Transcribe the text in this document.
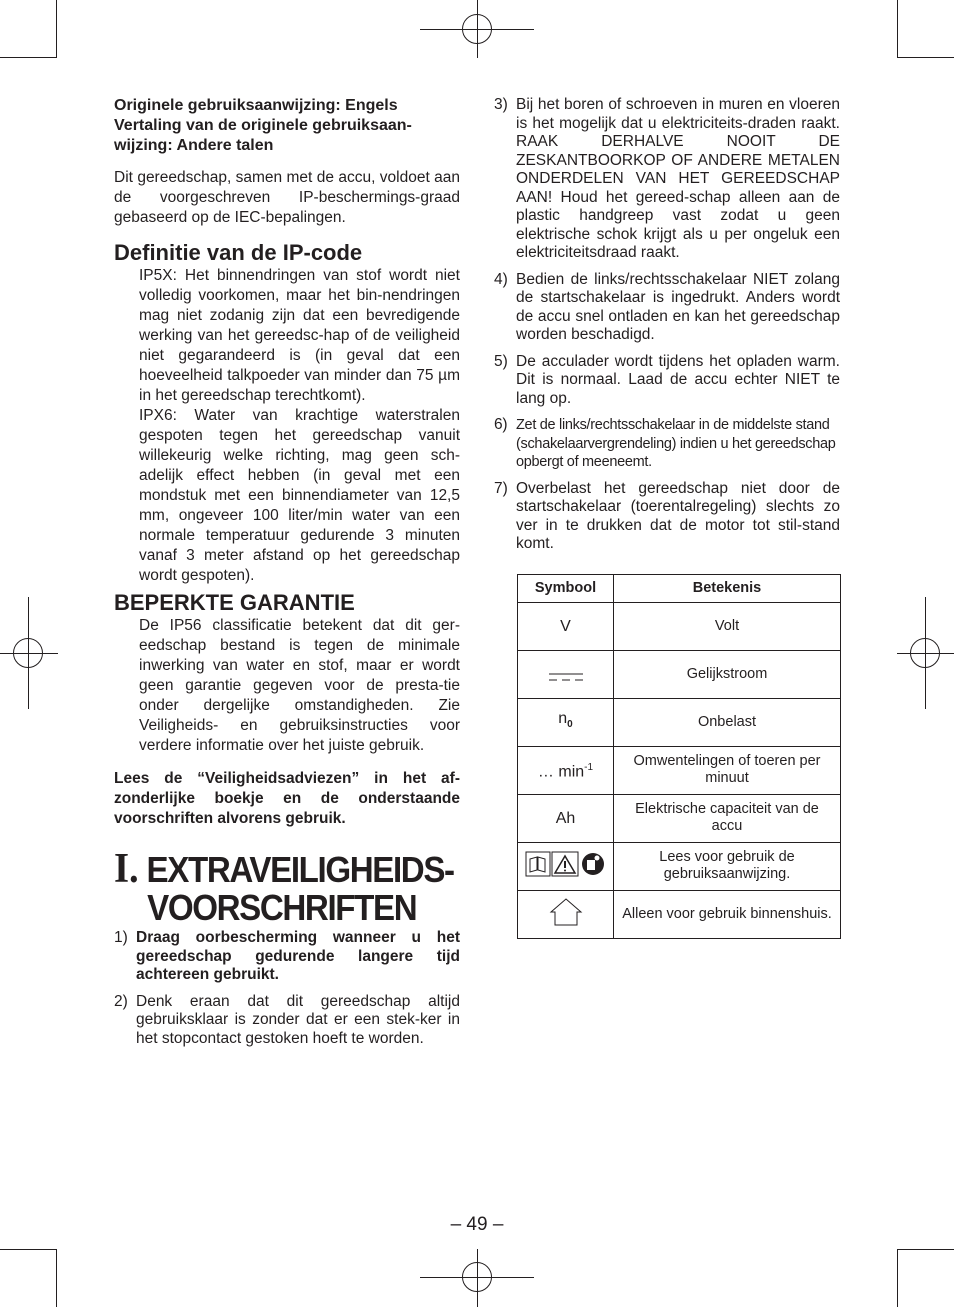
Originele gebruiksaanwijzing: Engels
Vertaling van de originele gebruiksaan-
wijzing: Andere talen

Dit gereedschap, samen met de accu, voldoet aan de voorgeschreven IP-beschermings-graad gebaseerd op de IEC-bepalingen.

Definitie van de IP-code

IP5X: Het binnendringen van stof wordt niet volledig voorkomen, maar het bin-nendringen mag niet zodanig zijn dat een bevredigende werking van het gereedsc-hap of de veiligheid niet gegarandeerd is (in geval dat een hoeveelheid talkpoeder van minder dan 75 µm in het gereedschap terechtkomt).

IPX6: Water van krachtige waterstralen gespoten tegen het gereedschap vanuit willekeurig welke richting, mag geen sch-adelijk effect hebben (in geval met een mondstuk met een binnendiameter van 12,5 mm, ongeveer 100 liter/min water van een normale temperatuur gedurende 3 minuten vanaf 3 meter afstand op het gereedschap wordt gespoten).

BEPERKTE GARANTIE

De IP56 classificatie betekent dat dit ger-eedschap bestand is tegen de minimale inwerking van water en stof, maar er wordt geen garantie gegeven voor de presta-tie onder dergelijke omstandigheden. Zie Veiligheids- en gebruiksinstructies voor verdere informatie over het juiste gebruik.

Lees de “Veiligheidsadviezen” in het af-zonderlijke boekje en de onderstaande voorschriften alvorens gebruik.

I. EXTRAVEILIGHEIDS-
VOORSCHRIFTEN
1) Draag oorbescherming wanneer u het gereedschap gedurende langere tijd achtereen gebruikt.
2) Denk eraan dat dit gereedschap altijd gebruiksklaar is zonder dat er een stek-ker in het stopcontact gestoken hoeft te worden.
3) Bij het boren of schroeven in muren en vloeren is het mogelijk dat u elektriciteits-draden raakt. RAAK DERHALVE NOOIT DE ZESKANTBOORKOP OF ANDERE METALEN ONDERDELEN VAN HET GEREEDSCHAP AAN! Houd het gereed-schap alleen aan de plastic handgreep vast zodat u geen elektrische schok krijgt als u per ongeluk een elektriciteitsdraad raakt.
4) Bedien de links/rechtsschakelaar NIET zolang de startschakelaar is ingedrukt. Anders wordt de accu snel ontladen en kan het gereedschap worden beschadigd.
5) De acculader wordt tijdens het opladen warm. Dit is normaal. Laad de accu echter NIET te lang op.
6) Zet de links/rechtsschakelaar in de middelste stand (schakelaarvergrendeling) indien u het gereedschap opbergt of meeneemt.
7) Overbelast het gereedschap niet door de startschakelaar (toerentalregeling) slechts zo ver in te drukken dat de motor tot stil-stand komt.
Symbool	Betekenis
V	Volt
	Gelijkstroom
$n_0$	Onbelast
… $\min^{-1}$	Omwentelingen of toeren per minuut
Ah	Elektrische capaciteit van de accu
	Lees voor gebruik de gebruiksaanwijzing.
	Alleen voor gebruik binnenshuis.
– 49 –
